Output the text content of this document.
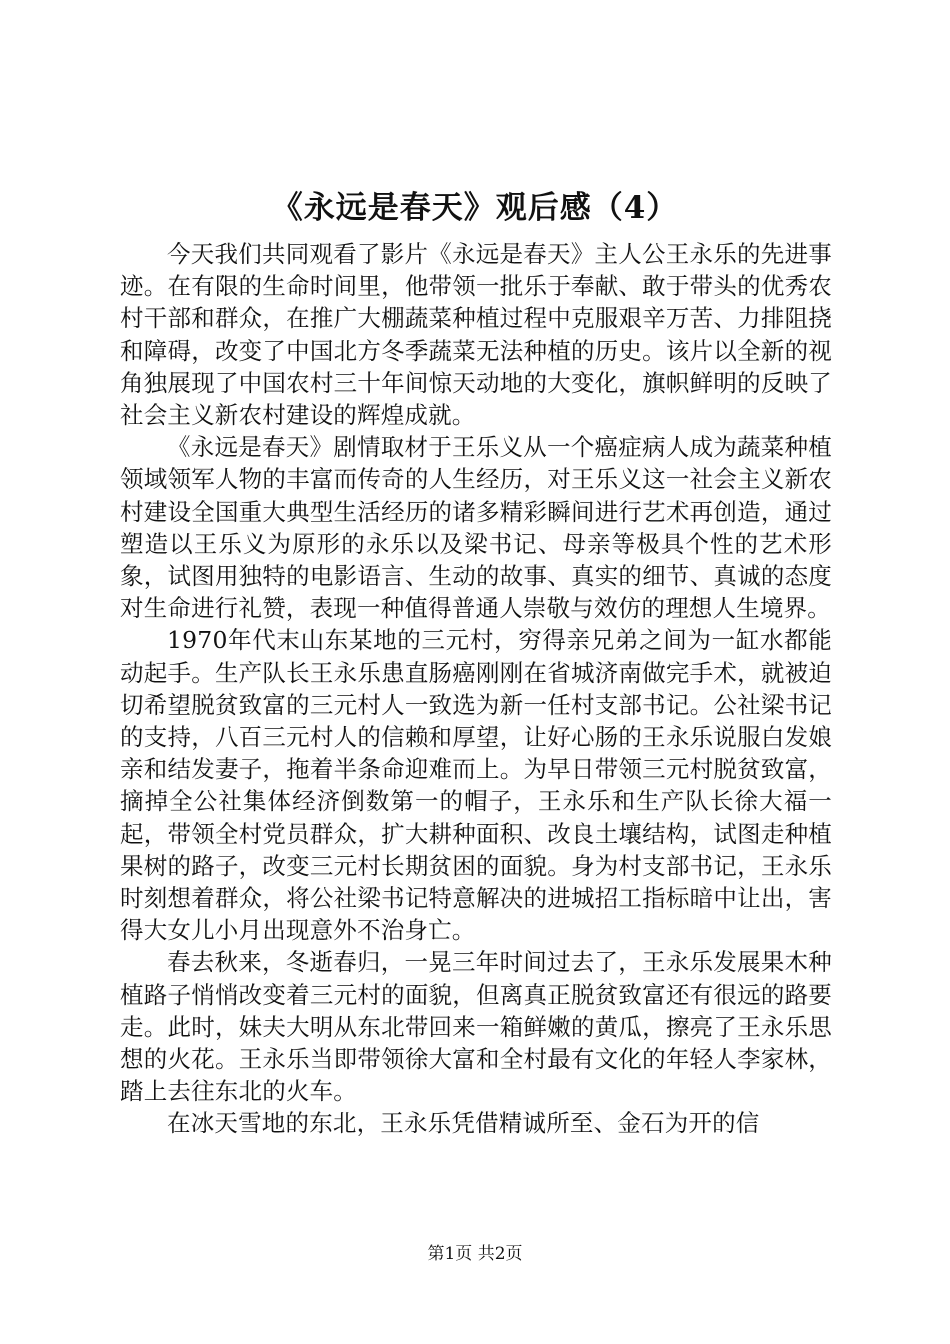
《永远是春天》观后感（4）

今天我们共同观看了影片《永远是春天》主人公王永乐的先进事迹。在有限的生命时间里，他带领一批乐于奉献、敢于带头的优秀农村干部和群众，在推广大棚蔬菜种植过程中克服艰辛万苦、力排阻挠和障碍，改变了中国北方冬季蔬菜无法种植的历史。该片以全新的视角独展现了中国农村三十年间惊天动地的大变化，旗帜鲜明的反映了社会主义新农村建设的辉煌成就。

《永远是春天》剧情取材于王乐义从一个癌症病人成为蔬菜种植领域领军人物的丰富而传奇的人生经历，对王乐义这一社会主义新农村建设全国重大典型生活经历的诸多精彩瞬间进行艺术再创造，通过塑造以王乐义为原形的永乐以及梁书记、母亲等极具个性的艺术形象，试图用独特的电影语言、生动的故事、真实的细节、真诚的态度对生命进行礼赞，表现一种值得普通人崇敬与效仿的理想人生境界。

1970年代末山东某地的三元村，穷得亲兄弟之间为一缸水都能动起手。生产队长王永乐患直肠癌刚刚在省城济南做完手术，就被迫切希望脱贫致富的三元村人一致选为新一任村支部书记。公社梁书记的支持，八百三元村人的信赖和厚望，让好心肠的王永乐说服白发娘亲和结发妻子，拖着半条命迎难而上。为早日带领三元村脱贫致富，摘掉全公社集体经济倒数第一的帽子，王永乐和生产队长徐大福一起，带领全村党员群众，扩大耕种面积、改良土壤结构，试图走种植果树的路子，改变三元村长期贫困的面貌。身为村支部书记，王永乐时刻想着群众，将公社梁书记特意解决的进城招工指标暗中让出，害得大女儿小月出现意外不治身亡。

春去秋来，冬逝春归，一晃三年时间过去了，王永乐发展果木种植路子悄悄改变着三元村的面貌，但离真正脱贫致富还有很远的路要走。此时，妹夫大明从东北带回来一箱鲜嫩的黄瓜，擦亮了王永乐思想的火花。王永乐当即带领徐大富和全村最有文化的年轻人李家林，踏上去往东北的火车。

在冰天雪地的东北，王永乐凭借精诚所至、金石为开的信

第1页 共2页
